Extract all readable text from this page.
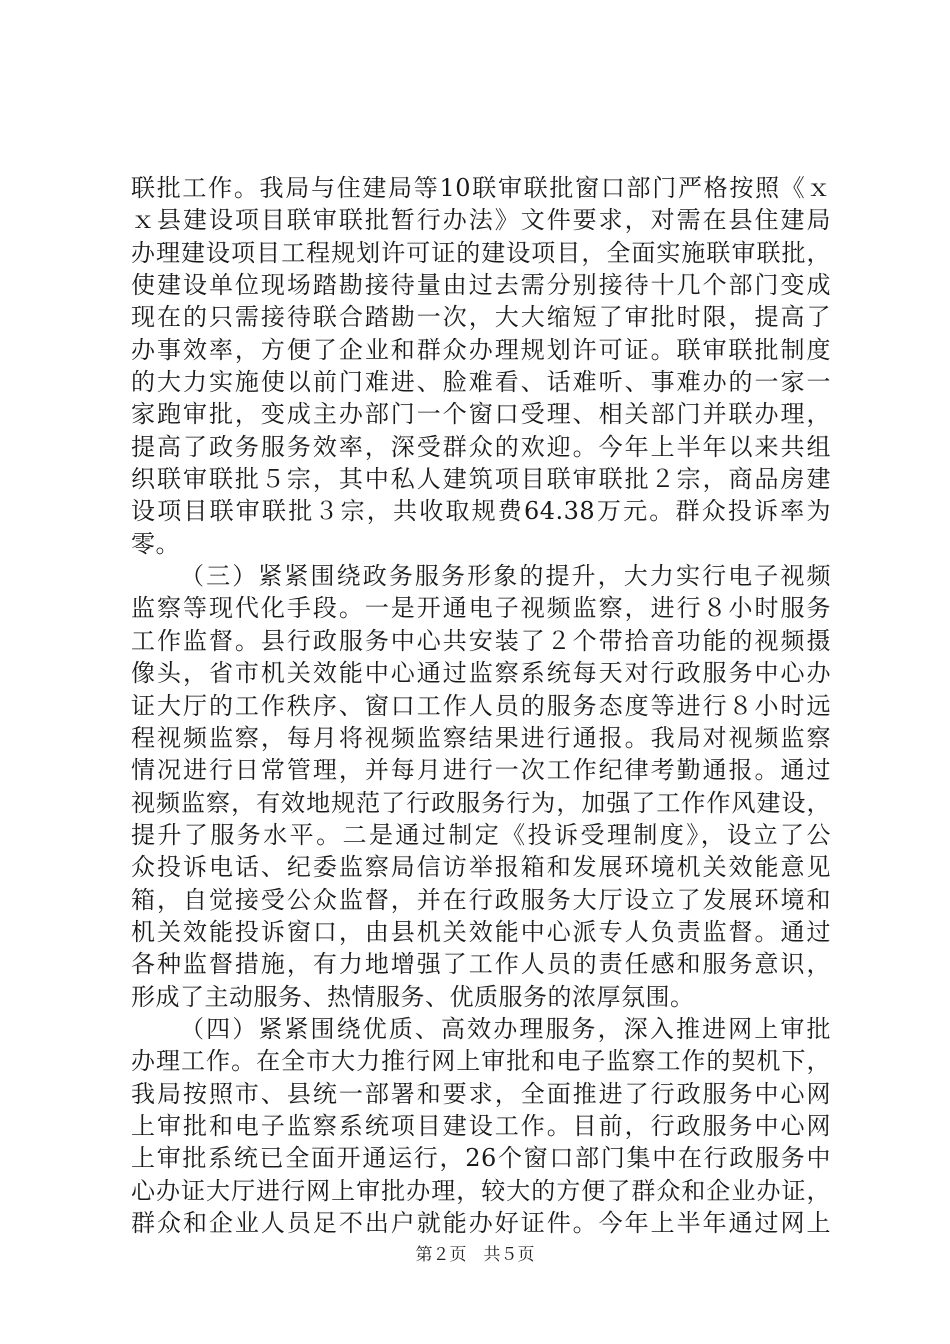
联批工作。我局与住建局等10联审联批窗口部门严格按照《ｘ
ｘ县建设项目联审联批暂行办法》文件要求，对需在县住建局
办理建设项目工程规划许可证的建设项目，全面实施联审联批，
使建设单位现场踏勘接待量由过去需分别接待十几个部门变成
现在的只需接待联合踏勘一次，大大缩短了审批时限，提高了
办事效率，方便了企业和群众办理规划许可证。联审联批制度
的大力实施使以前门难进、脸难看、话难听、事难办的一家一
家跑审批，变成主办部门一个窗口受理、相关部门并联办理，
提高了政务服务效率，深受群众的欢迎。今年上半年以来共组
织联审联批５宗，其中私人建筑项目联审联批２宗，商品房建
设项目联审联批３宗，共收取规费64.38万元。群众投诉率为
零。
（三）紧紧围绕政务服务形象的提升，大力实行电子视频
监察等现代化手段。一是开通电子视频监察，进行８小时服务
工作监督。县行政服务中心共安装了２个带拾音功能的视频摄
像头，省市机关效能中心通过监察系统每天对行政服务中心办
证大厅的工作秩序、窗口工作人员的服务态度等进行８小时远
程视频监察，每月将视频监察结果进行通报。我局对视频监察
情况进行日常管理，并每月进行一次工作纪律考勤通报。通过
视频监察，有效地规范了行政服务行为，加强了工作作风建设，
提升了服务水平。二是通过制定《投诉受理制度》，设立了公
众投诉电话、纪委监察局信访举报箱和发展环境机关效能意见
箱，自觉接受公众监督，并在行政服务大厅设立了发展环境和
机关效能投诉窗口，由县机关效能中心派专人负责监督。通过
各种监督措施，有力地增强了工作人员的责任感和服务意识，
形成了主动服务、热情服务、优质服务的浓厚氛围。
（四）紧紧围绕优质、高效办理服务，深入推进网上审批
办理工作。在全市大力推行网上审批和电子监察工作的契机下，
我局按照市、县统一部署和要求，全面推进了行政服务中心网
上审批和电子监察系统项目建设工作。目前，行政服务中心网
上审批系统已全面开通运行，26个窗口部门集中在行政服务中
心办证大厅进行网上审批办理，较大的方便了群众和企业办证，
群众和企业人员足不出户就能办好证件。今年上半年通过网上
第２页　共５页
